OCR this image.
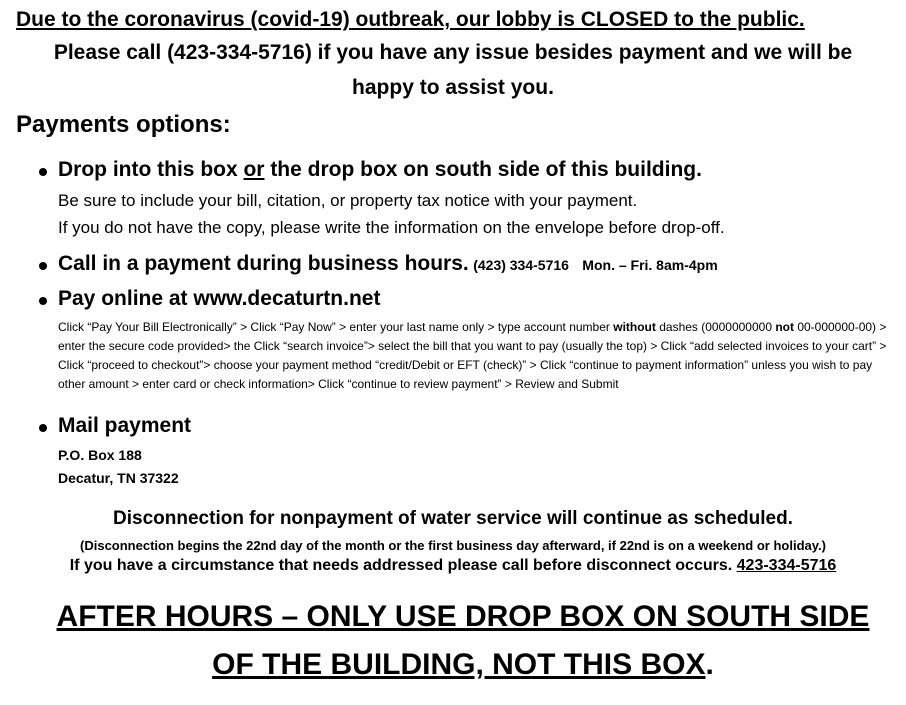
Due to the coronavirus (covid-19) outbreak, our lobby is CLOSED to the public.
Please call (423-334-5716) if you have any issue besides payment and we will be
happy to assist you.
Payments options:
Drop into this box or the drop box on south side of this building.
Be sure to include your bill, citation, or property tax notice with your payment.
If you do not have the copy, please write the information on the envelope before drop-off.
Call in a payment during business hours. (423) 334-5716 Mon. – Fri. 8am-4pm
Pay online at www.decaturtn.net
Click “Pay Your Bill Electronically” > Click “Pay Now” > enter your last name only > type account number without dashes (0000000000 not 00-000000-00) > enter the secure code provided> the Click “search invoice”> select the bill that you want to pay (usually the top) > Click “add selected invoices to your cart” > Click “proceed to checkout”> choose your payment method “credit/Debit or EFT (check)” > Click “continue to payment information” unless you wish to pay other amount > enter card or check information> Click “continue to review payment” > Review and Submit
Mail payment
P.O. Box 188
Decatur, TN 37322
Disconnection for nonpayment of water service will continue as scheduled.
(Disconnection begins the 22nd day of the month or the first business day afterward, if 22nd is on a weekend or holiday.)
If you have a circumstance that needs addressed please call before disconnect occurs. 423-334-5716
AFTER HOURS – ONLY USE DROP BOX ON SOUTH SIDE
OF THE BUILDING, NOT THIS BOX.
